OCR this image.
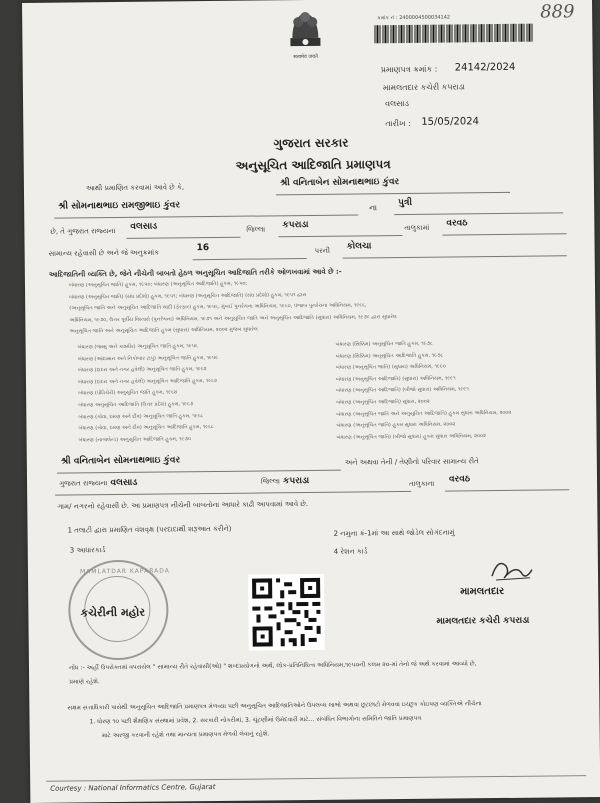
सत्यमेव जयते
ક્રમાંક નં : 2400004500034142	889
પ્રમાણપત્ર ક્રમાંક : 24142/2024
મામલતદાર કચેરી કપરાડા
વલસાડ
તારીખ : 15/05/2024
ગુજરાત સરકાર
અનુસૂચિત આદિજાતિ પ્રમાણપત્ર
આથી પ્રમાણિત કરવામાં આવે છે કે,	શ્રી વનિતાબેન સોમનાથભાઇ કુંવર
શ્રી સોમનાથભાઇ રામજીભાઇ કુંવર	ના	પુત્રી
છે, તે ગુજરાત રાજ્યના	વલસાડ	જિલ્લા	કપરાડા	તાલુકામાં	વરવઠ
સામાન્ય રહેવાસી છે અને જે અનુક્રમાંક	16	પરની	કોલચા
આદિજાતિની વ્યક્તિ છે, જેને નીચેની બાબતો હેઠળ અનુસૂચિત આદિજાતિ તરીકે ઓળખવામાં આવે છે :-
બંધારણ (અનુસૂચિત જાતિ) હુકમ, ૧૯૫૦; બંધારણ (અનુસૂચિત આદિજાતિ) હુકમ, ૧૯૫૦;
બંધારણ (અનુસૂચિત જાતિ) (સંઘ પ્રદેશો) હુકમ, ૧૯૫૧; બંધારણ (અનુસૂચિત આદિજાતિ) (સંઘ પ્રદેશો) હુકમ, ૧૯૫૧ દ્વારા
(અનુસૂચિત જાતિ અને અનુસૂચિત આદિજાતિ યાદી (ફેરફાર) હુકમ, ૧૯૫૬, મુંબઈ પુનર્રચના અધિનિયમ, ૧૯૬૦, પંજાબ પુનર્રચના અધિનિયમ, ૧૯૬૬,
અધિનિયમ, ૧૯૭૦, ઉત્તર પૂર્વીય વિસ્તારો (પુનર્રચના) અધિનિયમ, ૧૯૭૧ અને અનુસૂચિત જાતિ અને અનુસૂચિત આદિજાતિ (સુધારા) અધિનિયમ, ૧૯૭૬ દ્વારા સુધારેલ
અનુસૂચિત જાતિ અને અનુસૂચિત આદિજાતિ હુકમ (સુધારા) અધિનિયમ, ૨૦૦૨ મુજબ સુધારેલ
બંધારણ (જમ્મુ અને કાશ્મીર) અનુસૂચિત જાતિ હુકમ, ૧૯૫૬
બંધારણ (આંદામાન અને નિકોબાર ટાપુ) અનુસૂચિત જાતિ હુકમ, ૧૯૫૯
બંધારણ (દાદરા અને નગર હવેલી) અનુસૂચિત જાતિ હુકમ, ૧૯૬૨
બંધારણ (દાદરા અને નગર હવેલી) અનુસૂચિત આદિજાતિ હુકમ, ૧૯૬૨
બંધારણ (પોંડિચેરી) અનુસૂચિત જાતિ હુકમ, ૧૯૬૪
બંધારણ અનુસૂચિત આદિજાતિ (ઉત્તર પ્રદેશ) હુકમ, ૧૯૬૭
બંધારણ (ગોવા, દમણ અને દીવ) અનુસૂચિત જાતિ હુકમ, ૧૯૬૮
બંધારણ (ગોવા, દમણ અને દીવ) અનુસૂચિત આદિજાતિ હુકમ, ૧૯૬૮
બંધારણ (નાગાલેન્ડ) અનુસૂચિત આદિજાતિ હુકમ, ૧૯૭૦
બંધારણ (સિક્કિમ) અનુસૂચિત જાતિ હુકમ, ૧૯૭૮
બંધારણ (સિક્કિમ) અનુસૂચિત આદિજાતિ હુકમ, ૧૯૭૮
બંધારણ (અનુસૂચિત જાતિ) (સુધારા) અધિનિયમ, ૧૯૯૦
બંધારણ (અનુસૂચિત આદિજાતિ) (સુધારા) અધિનિયમ, ૧૯૯૧
બંધારણ (અનુસૂચિત આદિજાતિ) (બીજો સુધારા) અધિનિયમ, ૧૯૯૧
બંધારણ (અનુસૂચિત આદિજાતિ) સુધારા, ૨૦૦૨
બંધારણ (અનુસૂચિત જાતિ અને અનુસૂચિત આદિજાતિ) હુકમ સુધારા અધિનિયમ, ૨૦૦૨
બંધારણ (અનુસૂચિત જાતિ) હુકમ સુધારા અધિનિયમ, ૨૦૦૨
બંધારણ (અનુસૂચિત જાતિ) (બીજો સુધારા) હુકમ સુધારા અધિનિયમ, ૨૦૦૨
શ્રી વનિતાબેન સોમનાથભાઇ કુંવર	અને અથવા તેની / તેણીનો પરિવાર સામાન્ય રીતે
ગુજરાત રાજ્યના વલસાડ	જિલ્લા કપરાડા	તાલુકાના	વરવઠ
ગામ/ નગરનો રહેવાસી છે. આ પ્રમાણપત્ર નીચેની બાબતોના આધારે કાઢી આપવામાં આવે છે.
1 તલાટી દ્વારા પ્રમાણિત વંશવૃક્ષ (પરદાદાથી શરૂઆત કરીને)	2 નમુના ક્રં-1માં આ સાથે જોડેલ સોગંદનામું
3 આધારકાર્ડ	4 રેશન કાર્ડ
MAMLATDAR KAPARADA
કચેરીની મહોર
મામલતદાર
મામલતદાર કચેરી કપરાડા
નોંધ :- અહીં ઉપરોક્તમાં વપરાયેલ " સામાન્ય રીતે રહેવાસી(ઓ) " શબ્દપ્રયોગનો અર્થ, લોક-પ્રતિનિધિત્વ અધિનિયમ,૧૯૫૦ની કલમ ૨૦-માં તેનો જે અર્થ કરવામાં આવ્યો છે,
પ્રમાણે રહેશે.
સક્ષમ સત્તાધિકારી પાસેથી અનુસૂચિત આદિજાતિ પ્રમાણપત્ર મેળવ્યા પછી અનુસૂચિત આદિજાતિઓને ઉપલબ્ધ લાભો અથવા છૂટછાટો મેળવવા ઇચ્છુક કોઇપણ વ્યક્તિએ નીચેના
1. ધોરણ ૧૦ પછી શૈક્ષણિક સંસ્થામાં પ્રવેશ, 2. સરકારી નોકરીમાં, 3. ચૂંટણીમાં ઉમેદવારી માટે... સંબંધિત વિભાગોના સમિતિને જાતિ પ્રમાણપત્ર
માટે અરજી કરવાની રહેશે તથા માન્યતા પ્રમાણપત્ર મેળવી લેવાનું રહેશે.
Courtesy : National Informatics Centre, Gujarat
